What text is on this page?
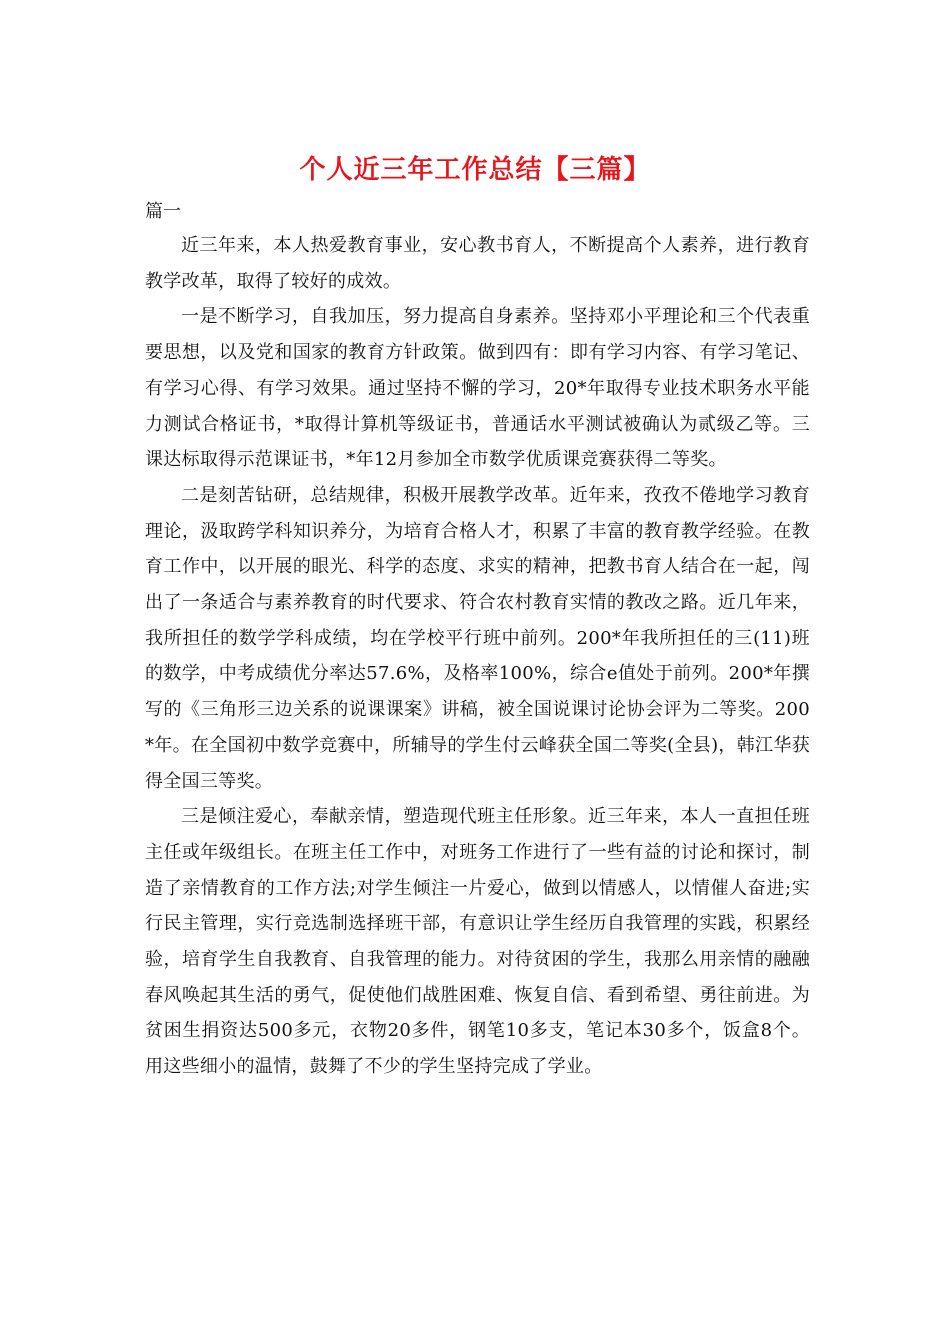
个人近三年工作总结【三篇】
篇一

近三年来，本人热爱教育事业，安心教书育人，不断提高个人素养，进行教育教学改革，取得了较好的成效。

一是不断学习，自我加压，努力提高自身素养。坚持邓小平理论和三个代表重要思想，以及党和国家的教育方针政策。做到四有：即有学习内容、有学习笔记、有学习心得、有学习效果。通过坚持不懈的学习，20*年取得专业技术职务水平能力测试合格证书，*取得计算机等级证书，普通话水平测试被确认为贰级乙等。三课达标取得示范课证书，*年12月参加全市数学优质课竞赛获得二等奖。

二是刻苦钻研，总结规律，积极开展教学改革。近年来，孜孜不倦地学习教育理论，汲取跨学科知识养分，为培育合格人才，积累了丰富的教育教学经验。在教育工作中，以开展的眼光、科学的态度、求实的精神，把教书育人结合在一起，闯出了一条适合与素养教育的时代要求、符合农村教育实情的教改之路。近几年来，我所担任的数学学科成绩，均在学校平行班中前列。200*年我所担任的三(11)班的数学，中考成绩优分率达57.6%，及格率100%，综合e值处于前列。200*年撰写的《三角形三边关系的说课课案》讲稿，被全国说课讨论协会评为二等奖。200*年。在全国初中数学竞赛中，所辅导的学生付云峰获全国二等奖(全县)，韩江华获得全国三等奖。

三是倾注爱心，奉献亲情，塑造现代班主任形象。近三年来，本人一直担任班主任或年级组长。在班主任工作中，对班务工作进行了一些有益的讨论和探讨，制造了亲情教育的工作方法;对学生倾注一片爱心，做到以情感人，以情催人奋进;实行民主管理，实行竞选制选择班干部，有意识让学生经历自我管理的实践，积累经验，培育学生自我教育、自我管理的能力。对待贫困的学生，我那么用亲情的融融春风唤起其生活的勇气，促使他们战胜困难、恢复自信、看到希望、勇往前进。为贫困生捐资达500多元，衣物20多件，钢笔10多支，笔记本30多个，饭盒8个。用这些细小的温情，鼓舞了不少的学生坚持完成了学业。
